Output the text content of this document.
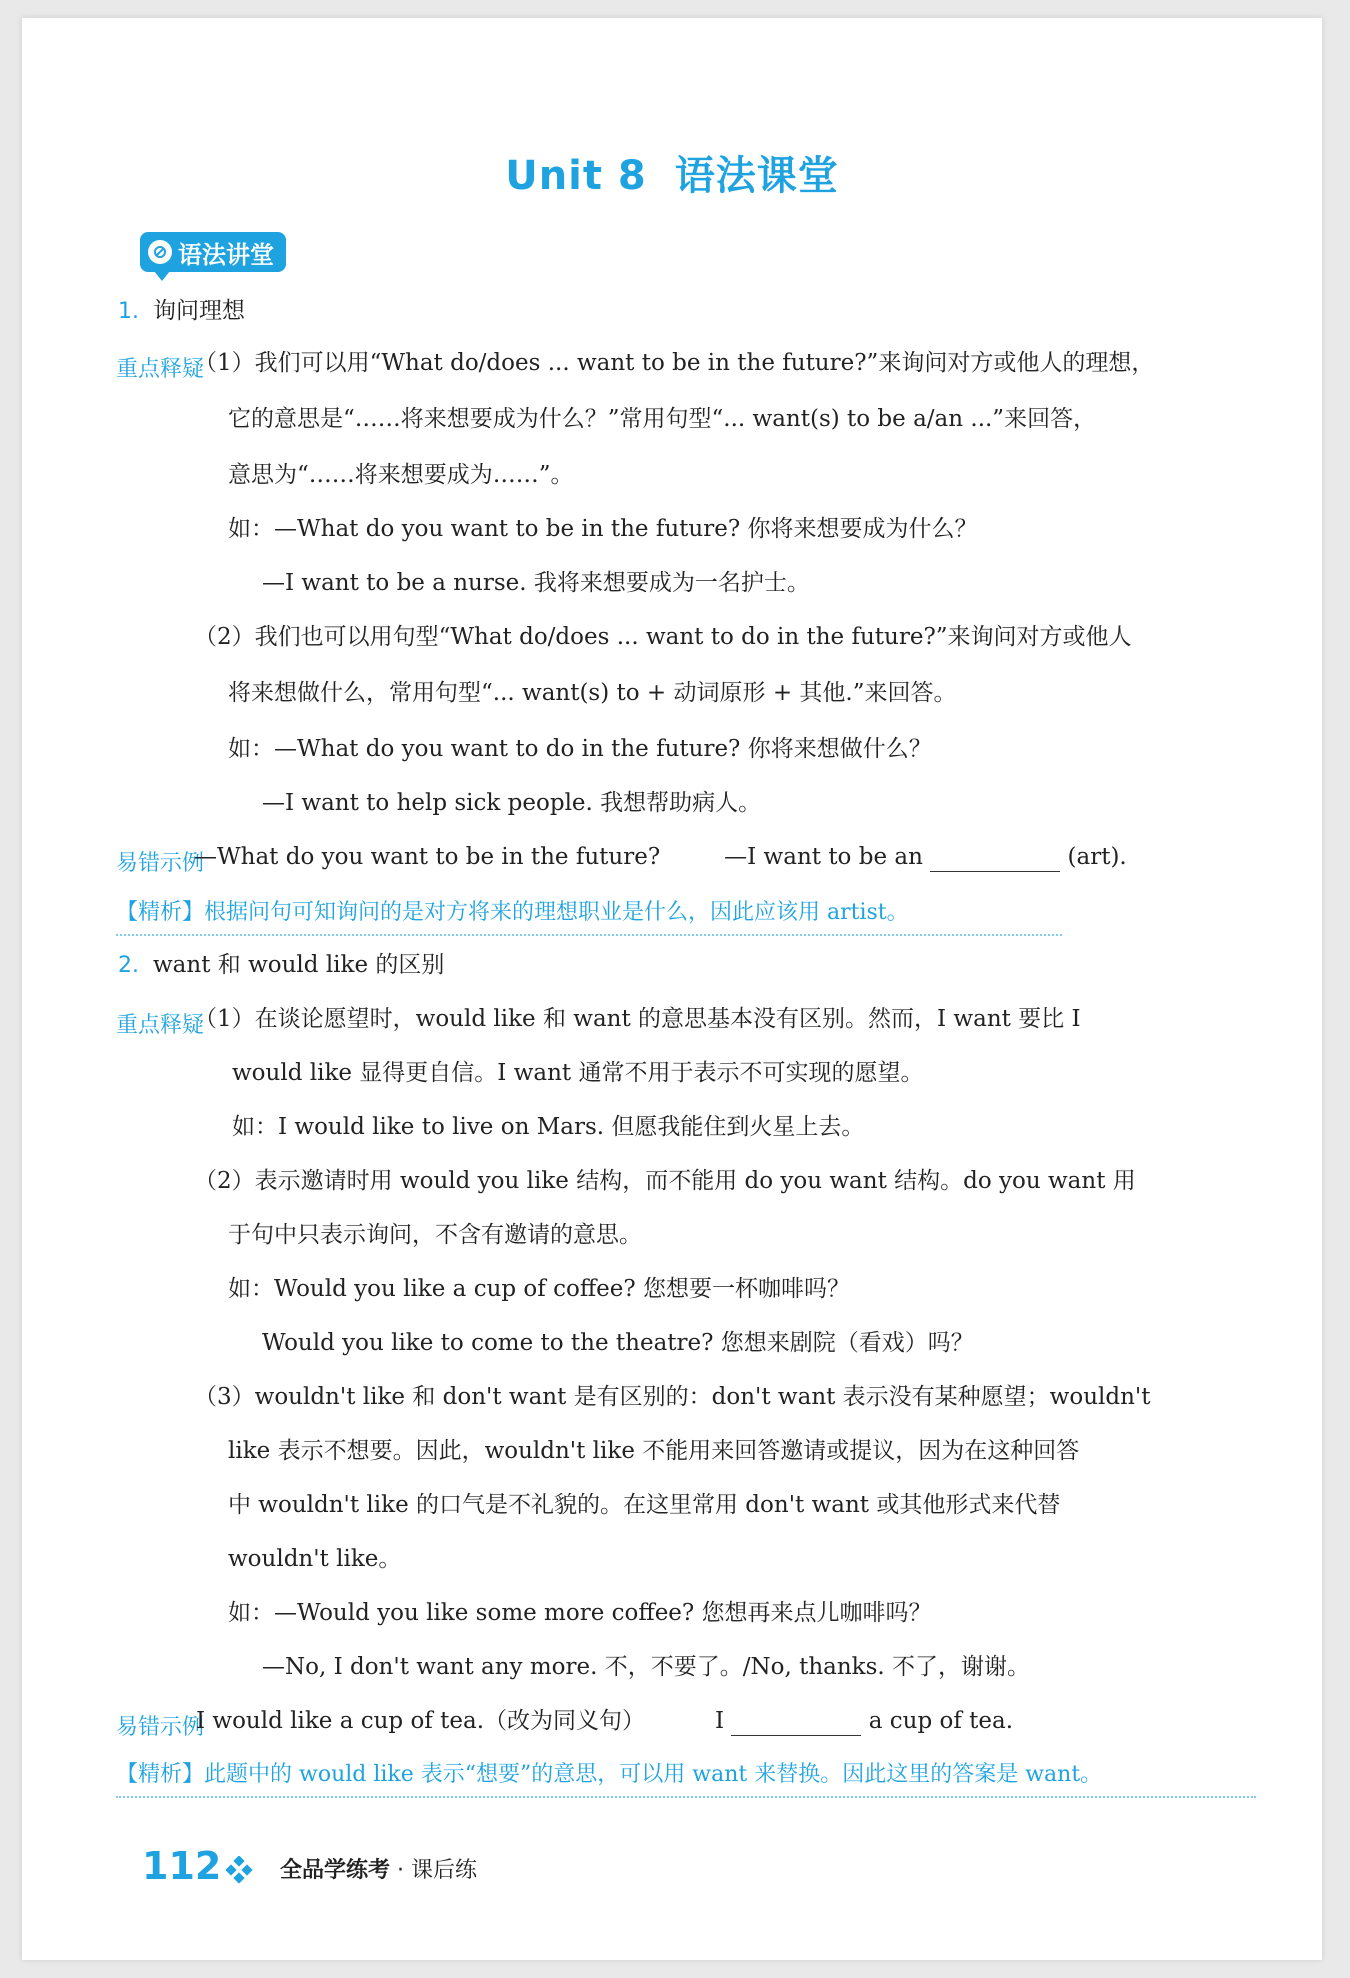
Unit 8 语法课堂
语法讲堂
1. 询问理想
重点释疑
（1）我们可以用“What do/does ... want to be in the future?”来询问对方或他人的理想，
它的意思是“……将来想要成为什么？”常用句型“... want(s) to be a/an ...”来回答，
意思为“……将来想要成为……”。
如：—What do you want to be in the future? 你将来想要成为什么？
—I want to be a nurse. 我将来想要成为一名护士。
（2）我们也可以用句型“What do/does ... want to do in the future?”来询问对方或他人
将来想做什么，常用句型“... want(s) to + 动词原形 + 其他.”来回答。
如：—What do you want to do in the future? 你将来想做什么？
—I want to help sick people. 我想帮助病人。
易错示例
—What do you want to be in the future?	—I want to be an	(art).
【精析】根据问句可知询问的是对方将来的理想职业是什么，因此应该用 artist。
2. want 和 would like 的区别
重点释疑
（1）在谈论愿望时，would like 和 want 的意思基本没有区别。然而，I want 要比 I
would like 显得更自信。I want 通常不用于表示不可实现的愿望。
如：I would like to live on Mars. 但愿我能住到火星上去。
（2）表示邀请时用 would you like 结构，而不能用 do you want 结构。do you want 用
于句中只表示询问，不含有邀请的意思。
如：Would you like a cup of coffee? 您想要一杯咖啡吗？
Would you like to come to the theatre? 您想来剧院（看戏）吗？
（3）wouldn't like 和 don't want 是有区别的：don't want 表示没有某种愿望；wouldn't
like 表示不想要。因此，wouldn't like 不能用来回答邀请或提议，因为在这种回答
中 wouldn't like 的口气是不礼貌的。在这里常用 don't want 或其他形式来代替
wouldn't like。
如：—Would you like some more coffee? 您想再来点儿咖啡吗？
—No, I don't want any more. 不，不要了。/No, thanks. 不了，谢谢。
易错示例
I would like a cup of tea.（改为同义句）	I	a cup of tea.
【精析】此题中的 would like 表示“想要”的意思，可以用 want 来替换。因此这里的答案是 want。
112	全品学练考 · 课后练
